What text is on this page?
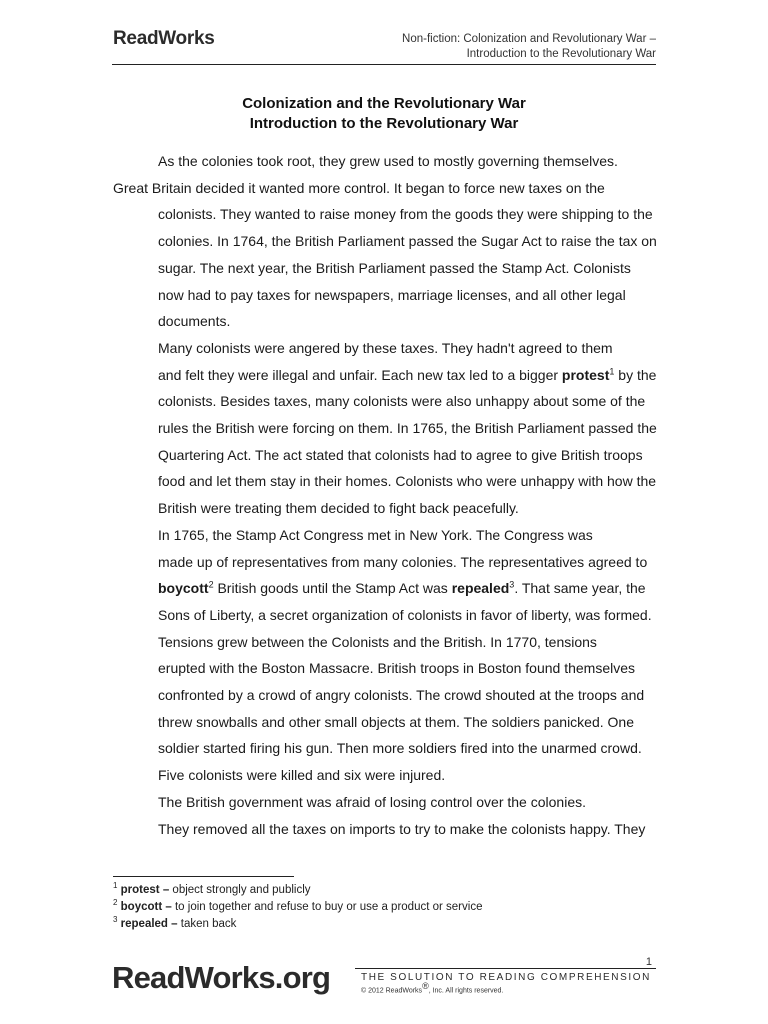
ReadWorks	Non-fiction: Colonization and Revolutionary War –
Introduction to the Revolutionary War
Colonization and the Revolutionary War
Introduction to the Revolutionary War

As the colonies took root, they grew used to mostly governing themselves.
Great Britain decided it wanted more control. It began to force new taxes on the
colonists. They wanted to raise money from the goods they were shipping to the
colonies. In 1764, the British Parliament passed the Sugar Act to raise the tax on
sugar. The next year, the British Parliament passed the Stamp Act. Colonists
now had to pay taxes for newspapers, marriage licenses, and all other legal
documents.

Many colonists were angered by these taxes. They hadn't agreed to them
and felt they were illegal and unfair. Each new tax led to a bigger protest$^1$ by the
colonists. Besides taxes, many colonists were also unhappy about some of the
rules the British were forcing on them. In 1765, the British Parliament passed the
Quartering Act. The act stated that colonists had to agree to give British troops
food and let them stay in their homes. Colonists who were unhappy with how the
British were treating them decided to fight back peacefully.

In 1765, the Stamp Act Congress met in New York. The Congress was
made up of representatives from many colonies. The representatives agreed to
boycott$^2$ British goods until the Stamp Act was repealed$^3$. That same year, the
Sons of Liberty, a secret organization of colonists in favor of liberty, was formed.

Tensions grew between the Colonists and the British. In 1770, tensions
erupted with the Boston Massacre. British troops in Boston found themselves
confronted by a crowd of angry colonists. The crowd shouted at the troops and
threw snowballs and other small objects at them. The soldiers panicked. One
soldier started firing his gun. Then more soldiers fired into the unarmed crowd.
Five colonists were killed and six were injured.

The British government was afraid of losing control over the colonies.
They removed all the taxes on imports to try to make the colonists happy. They

$^1$ protest – object strongly and publicly
$^2$ boycott – to join together and refuse to buy or use a product or service
$^3$ repealed – taken back
1
ReadWorks.org	THE SOLUTION TO READING COMPREHENSION
© 2012 ReadWorks®, Inc. All rights reserved.
